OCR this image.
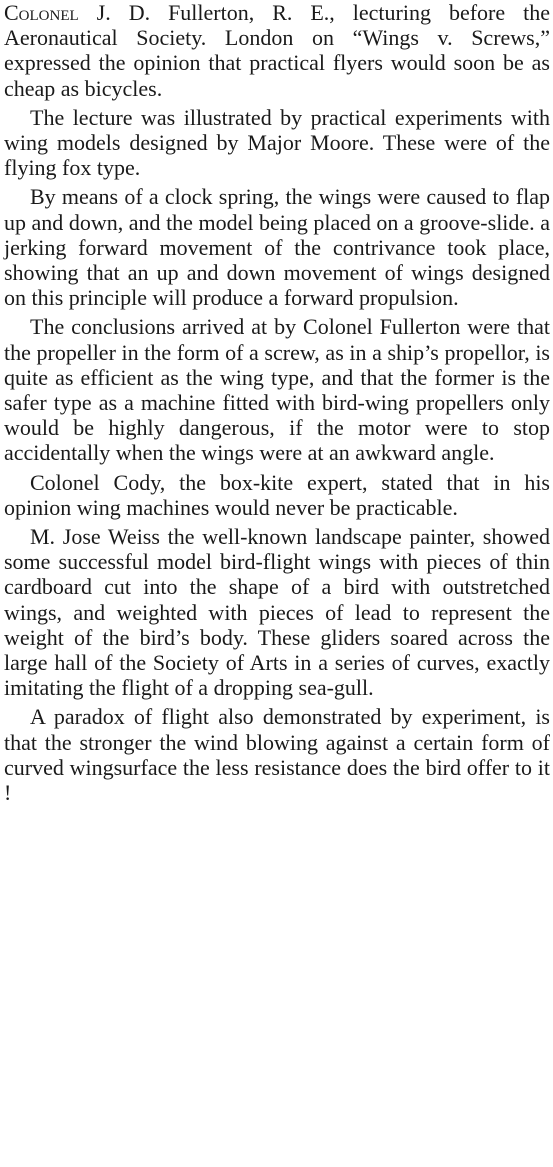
Colonel J. D. Fullerton, R. E., lecturing before the Aeronautical Society. London on “Wings v. Screws,” expressed the opinion that practical flyers would soon be as cheap as bicycles.

The lecture was illustrated by practical experiments with wing models designed by Major Moore. These were of the flying fox type.

By means of a clock spring, the wings were caused to flap up and down, and the model being placed on a groove-slide. a jerking forward movement of the contrivance took place, showing that an up and down movement of wings designed on this principle will produce a forward propulsion.

The conclusions arrived at by Colonel Fullerton were that the propeller in the form of a screw, as in a ship’s propellor, is quite as efficient as the wing type, and that the former is the safer type as a machine fitted with bird-wing propellers only would be highly dangerous, if the motor were to stop accidentally when the wings were at an awkward angle.

Colonel Cody, the box-kite expert, stated that in his opinion wing machines would never be practicable.

M. Jose Weiss the well-known landscape painter, showed some successful model bird-flight wings with pieces of thin cardboard cut into the shape of a bird with outstretched wings, and weighted with pieces of lead to represent the weight of the bird’s body. These gliders soared across the large hall of the Society of Arts in a series of curves, exactly imitating the flight of a dropping sea-gull.

A paradox of flight also demonstrated by experiment, is that the stronger the wind blowing against a certain form of curved wingsurface the less resistance does the bird offer to it !
